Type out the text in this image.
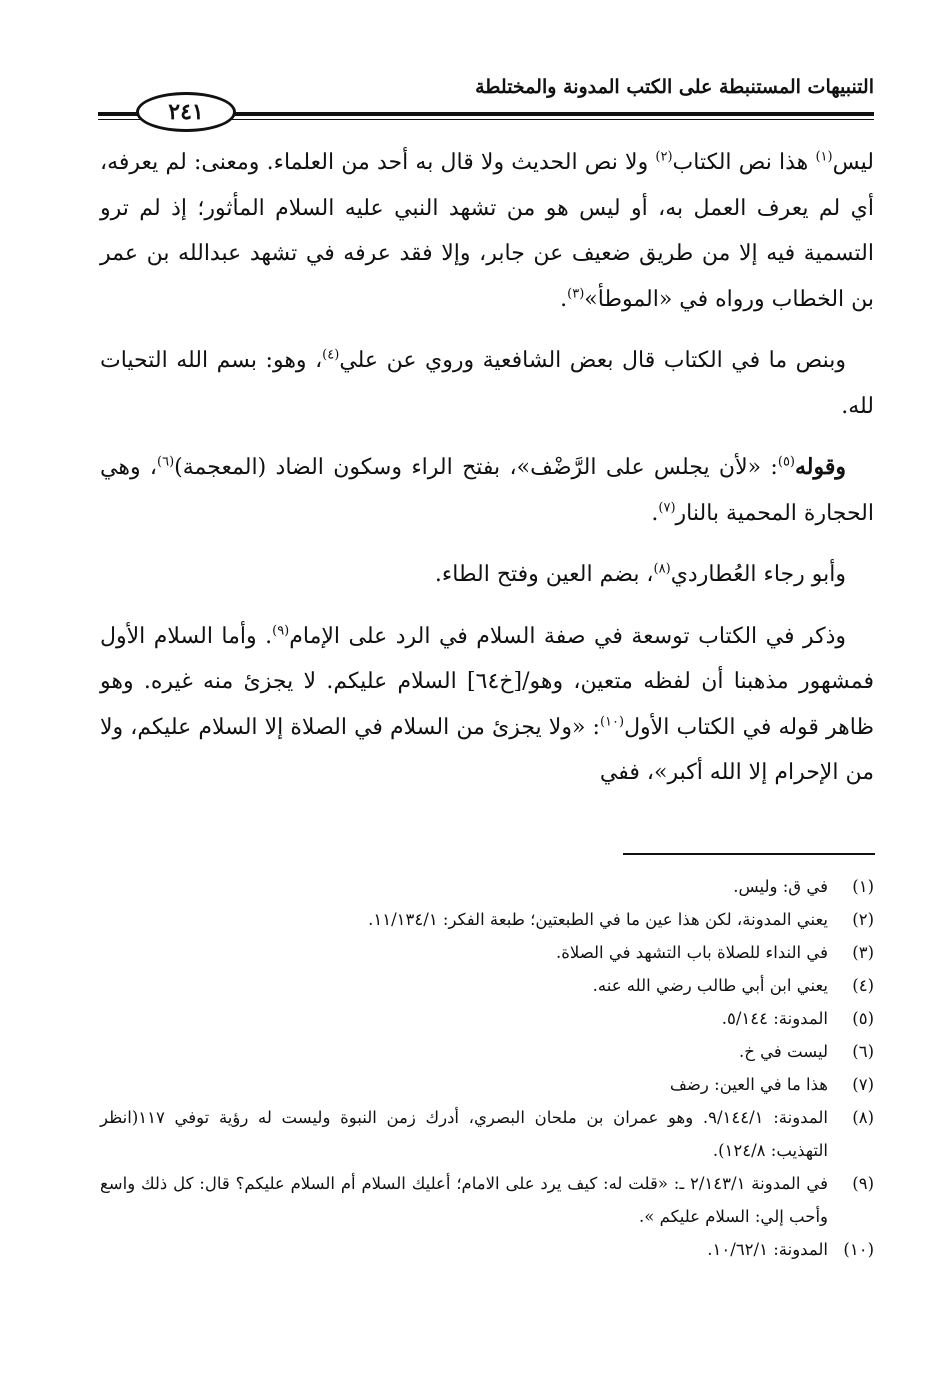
التنبيهات المستنبطة على الكتب المدونة والمختلطة
٢٤١

ليس$^{(١)}$ هذا نص الكتاب$^{(٢)}$ ولا نص الحديث ولا قال به أحد من العلماء. ومعنى: لم يعرفه، أي لم يعرف العمل به، أو ليس هو من تشهد النبي عليه السلام المأثور؛ إذ لم ترو التسمية فيه إلا من طريق ضعيف عن جابر، وإلا فقد عرفه في تشهد عبدالله بن عمر بن الخطاب ورواه في «الموطأ»$^{(٣)}$.

وبنص ما في الكتاب قال بعض الشافعية وروي عن علي$^{(٤)}$، وهو: بسم الله التحيات لله.

وقوله$^{(٥)}$: «لأن يجلس على الرَّضْف»، بفتح الراء وسكون الضاد (المعجمة)$^{(٦)}$، وهي الحجارة المحمية بالنار$^{(٧)}$.

وأبو رجاء العُطاردي$^{(٨)}$، بضم العين وفتح الطاء.

وذكر في الكتاب توسعة في صفة السلام في الرد على الإمام$^{(٩)}$. وأما السلام الأول فمشهور مذهبنا أن لفظه متعين، وهو/[خ٦٤] السلام عليكم. لا يجزئ منه غيره. وهو ظاهر قوله في الكتاب الأول$^{(١٠)}$: «ولا يجزئ من السلام في الصلاة إلا السلام عليكم، ولا من الإحرام إلا الله أكبر»، ففي

(١)
في ق: وليس.
(٢)
يعني المدونة، لكن هذا عين ما في الطبعتين؛ طبعة الفكر: ١١/١٣٤/١.
(٣)
في النداء للصلاة باب التشهد في الصلاة.
(٤)
يعني ابن أبي طالب رضي الله عنه.
(٥)
المدونة: ٥/١٤٤.
(٦)
ليست في خ.
(٧)
هذا ما في العين: رضف
(٨)
المدونة: ٩/١٤٤/١. وهو عمران بن ملحان البصري، أدرك زمن النبوة وليست له رؤية توفي ١١٧(انظر التهذيب: ١٢٤/٨).
(٩)
في المدونة ٢/١٤٣/١ ـ: «قلت له: كيف يرد على الامام؛ أعليك السلام أم السلام عليكم؟ قال: كل ذلك واسع وأحب إلي: السلام عليكم ».
(١٠)
المدونة: ١٠/٦٢/١.
